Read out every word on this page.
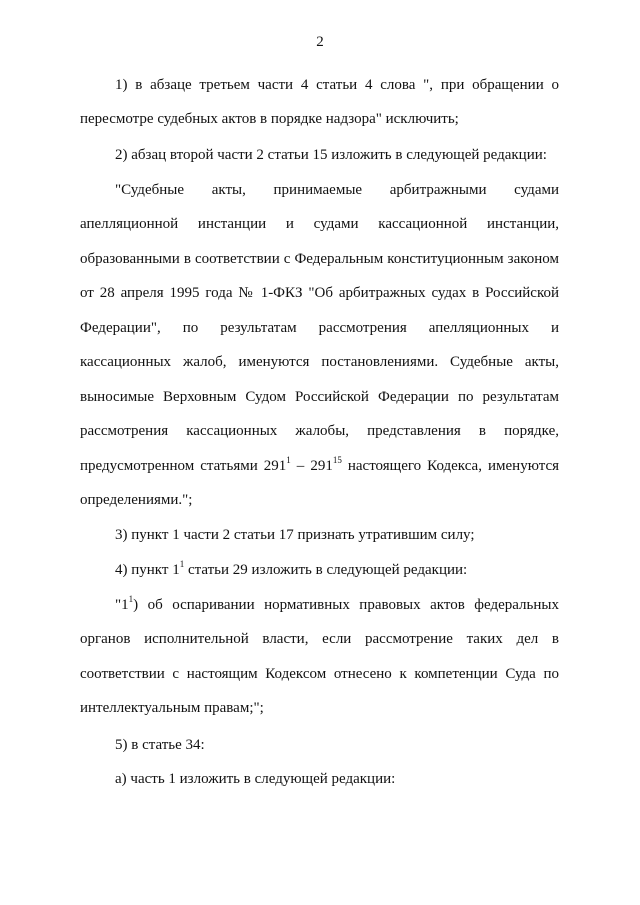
2
1) в абзаце третьем части 4 статьи 4 слова ", при обращении о
пересмотре судебных актов в порядке надзора" исключить;
2) абзац второй части 2 статьи 15 изложить в следующей редакции:
"Судебные акты, принимаемые арбитражными судами
апелляционной инстанции и судами кассационной инстанции,
образованными в соответствии с Федеральным конституционным законом
от 28 апреля 1995 года № 1-ФКЗ "Об арбитражных судах в Российской
Федерации", по результатам рассмотрения апелляционных и
кассационных жалоб, именуются постановлениями. Судебные акты,
выносимые Верховным Судом Российской Федерации по результатам
рассмотрения кассационных жалобы, представления в порядке,
предусмотренном статьями $291^1 - 291^{15}$ настоящего Кодекса, именуются
определениями.";
3) пункт 1 части 2 статьи 17 признать утратившим силу;
4) пункт $1^1$ статьи 29 изложить в следующей редакции:
"$1^1$) об оспаривании нормативных правовых актов федеральных
органов исполнительной власти, если рассмотрение таких дел в
соответствии с настоящим Кодексом отнесено к компетенции Суда по
интеллектуальным правам;";
5) в статье 34:
а) часть 1 изложить в следующей редакции:
